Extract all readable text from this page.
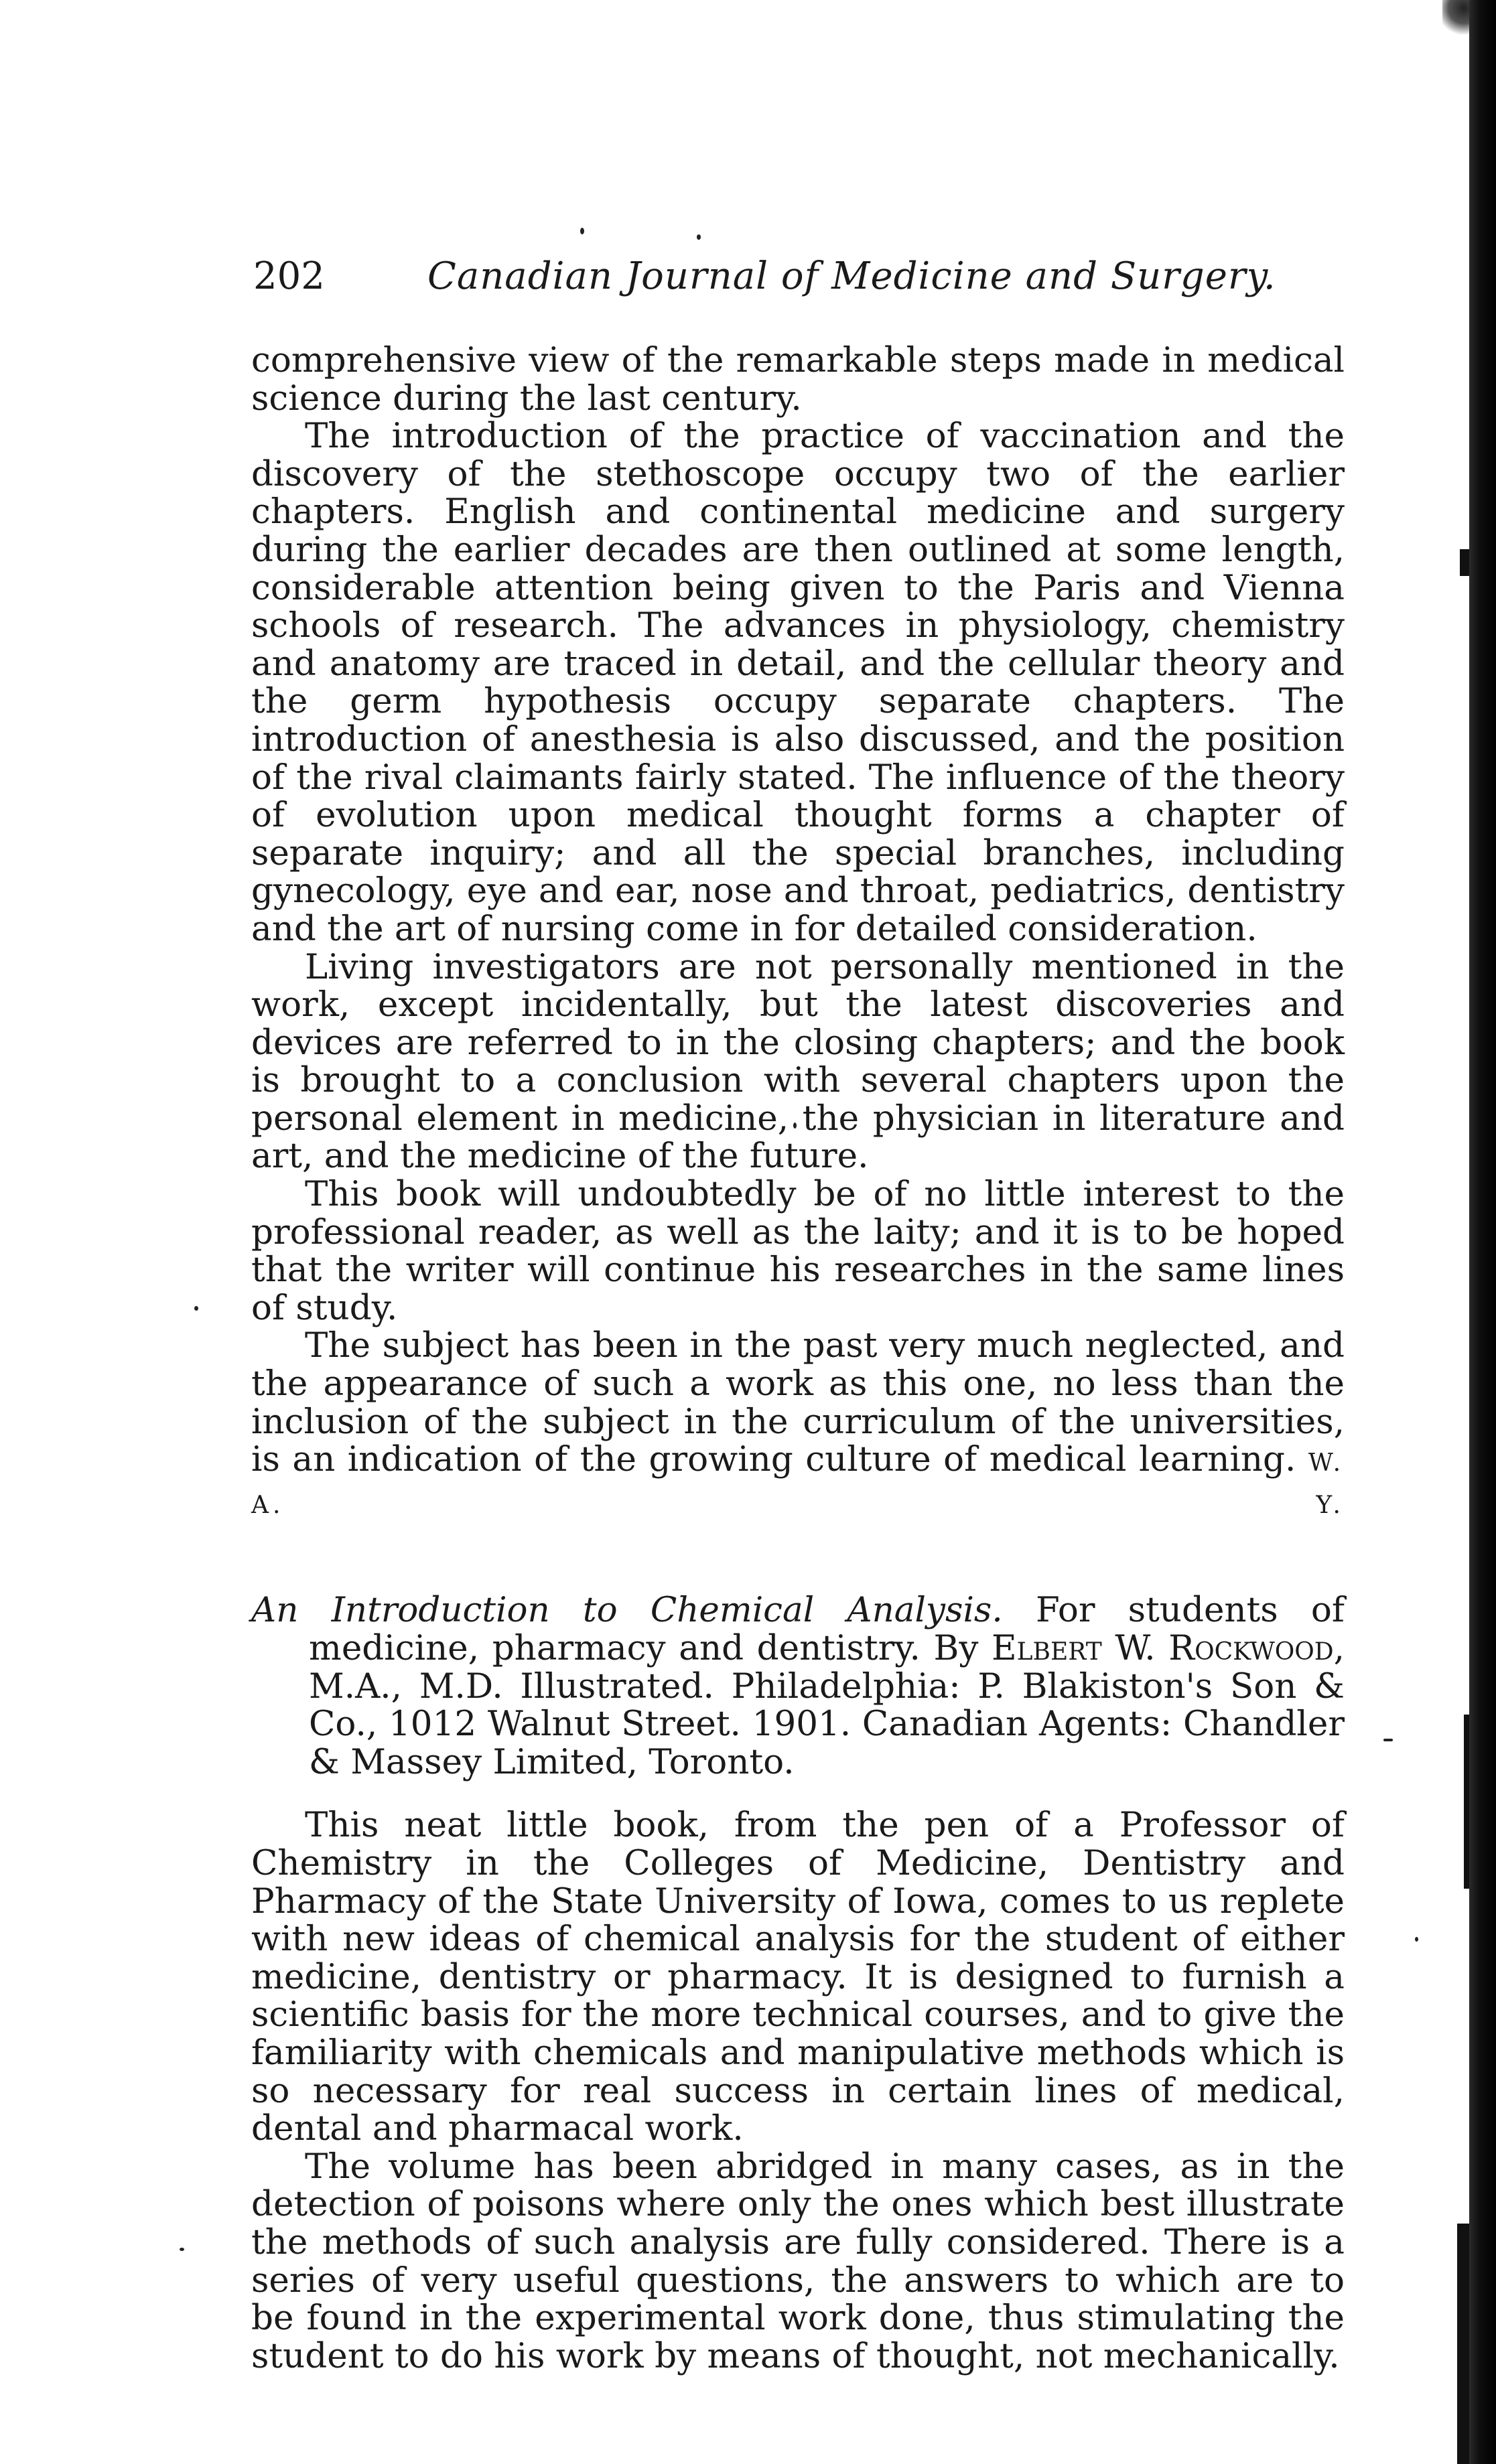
202	Canadian Journal of Medicine and Surgery.

comprehensive view of the remarkable steps made in medical science during the last century.

The introduction of the practice of vaccination and the discovery of the stethoscope occupy two of the earlier chapters. English and continental medicine and surgery during the earlier decades are then outlined at some length, considerable attention being given to the Paris and Vienna schools of research. The advances in physiology, chemistry and anatomy are traced in detail, and the cellular theory and the germ hypothesis occupy separate chapters. The introduction of anesthesia is also discussed, and the position of the rival claimants fairly stated. The influence of the theory of evolution upon medical thought forms a chapter of separate inquiry; and all the special branches, including gynecology, eye and ear, nose and throat, pediatrics, dentistry and the art of nursing come in for detailed consideration.

Living investigators are not personally mentioned in the work, except incidentally, but the latest discoveries and devices are referred to in the closing chapters; and the book is brought to a conclusion with several chapters upon the personal element in medicine, the physician in literature and art, and the medicine of the future.

This book will undoubtedly be of no little interest to the professional reader, as well as the laity; and it is to be hoped that the writer will continue his researches in the same lines of study.

The subject has been in the past very much neglected, and the appearance of such a work as this one, no less than the inclusion of the subject in the curriculum of the universities, is an indication of the growing culture of medical learning. W. A. Y.

An Introduction to Chemical Analysis. For students of medicine, pharmacy and dentistry. By Elbert W. Rockwood, M.A., M.D. Illustrated. Philadelphia: P. Blakiston's Son & Co., 1012 Walnut Street. 1901. Canadian Agents: Chandler & Massey Limited, Toronto.

This neat little book, from the pen of a Professor of Chemistry in the Colleges of Medicine, Dentistry and Pharmacy of the State University of Iowa, comes to us replete with new ideas of chemical analysis for the student of either medicine, dentistry or pharmacy. It is designed to furnish a scientific basis for the more technical courses, and to give the familiarity with chemicals and manipulative methods which is so necessary for real success in certain lines of medical, dental and pharmacal work.

The volume has been abridged in many cases, as in the detection of poisons where only the ones which best illustrate the methods of such analysis are fully considered. There is a series of very useful questions, the answers to which are to be found in the experimental work done, thus stimulating the student to do his work by means of thought, not mechanically.
